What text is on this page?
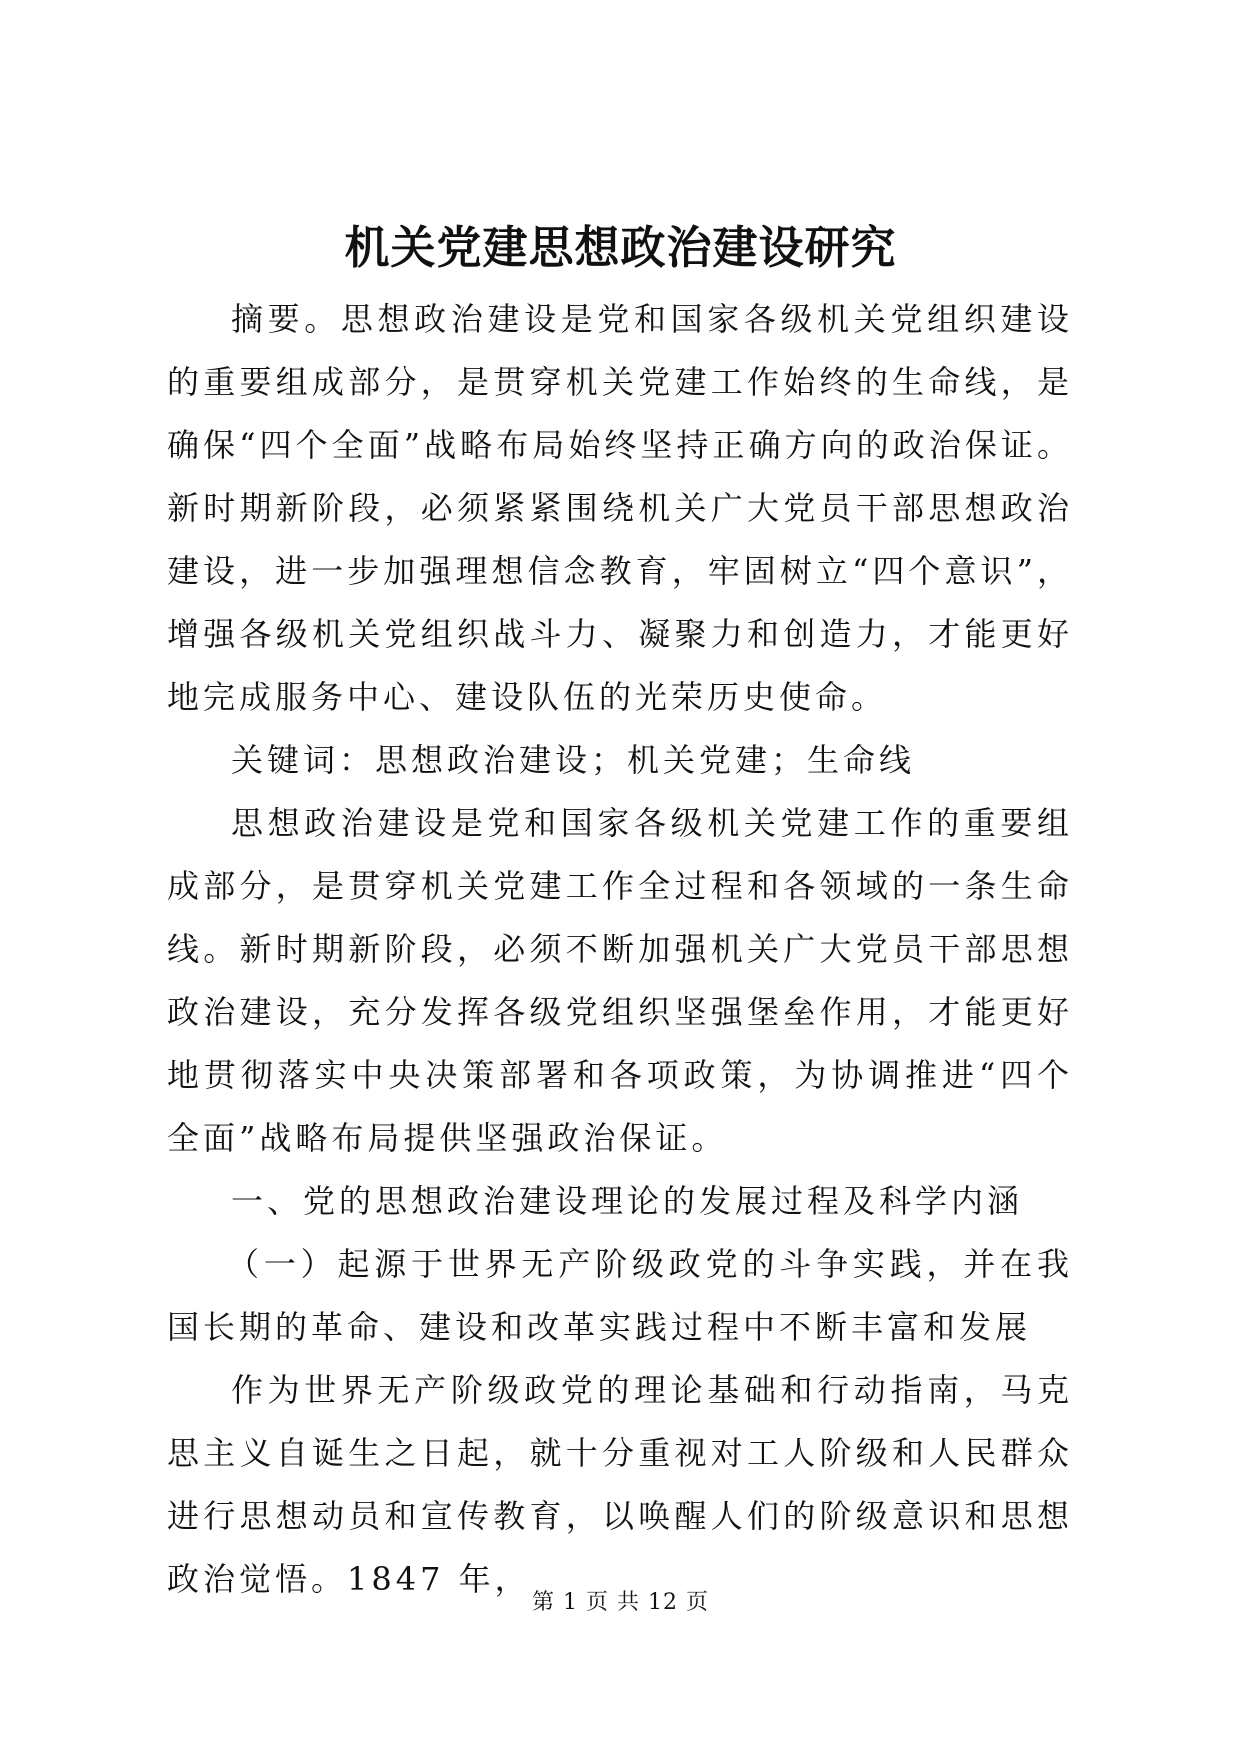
机关党建思想政治建设研究

摘要。思想政治建设是党和国家各级机关党组织建设的重要组成部分，是贯穿机关党建工作始终的生命线，是确保“四个全面”战略布局始终坚持正确方向的政治保证。新时期新阶段，必须紧紧围绕机关广大党员干部思想政治建设，进一步加强理想信念教育，牢固树立“四个意识”，增强各级机关党组织战斗力、凝聚力和创造力，才能更好地完成服务中心、建设队伍的光荣历史使命。

关键词：思想政治建设；机关党建；生命线

思想政治建设是党和国家各级机关党建工作的重要组成部分，是贯穿机关党建工作全过程和各领域的一条生命线。新时期新阶段，必须不断加强机关广大党员干部思想政治建设，充分发挥各级党组织坚强堡垒作用，才能更好地贯彻落实中央决策部署和各项政策，为协调推进“四个全面”战略布局提供坚强政治保证。

一、党的思想政治建设理论的发展过程及科学内涵

（一）起源于世界无产阶级政党的斗争实践，并在我国长期的革命、建设和改革实践过程中不断丰富和发展

作为世界无产阶级政党的理论基础和行动指南，马克思主义自诞生之日起，就十分重视对工人阶级和人民群众进行思想动员和宣传教育，以唤醒人们的阶级意识和思想政治觉悟。1847 年，

第 1 页 共 12 页
